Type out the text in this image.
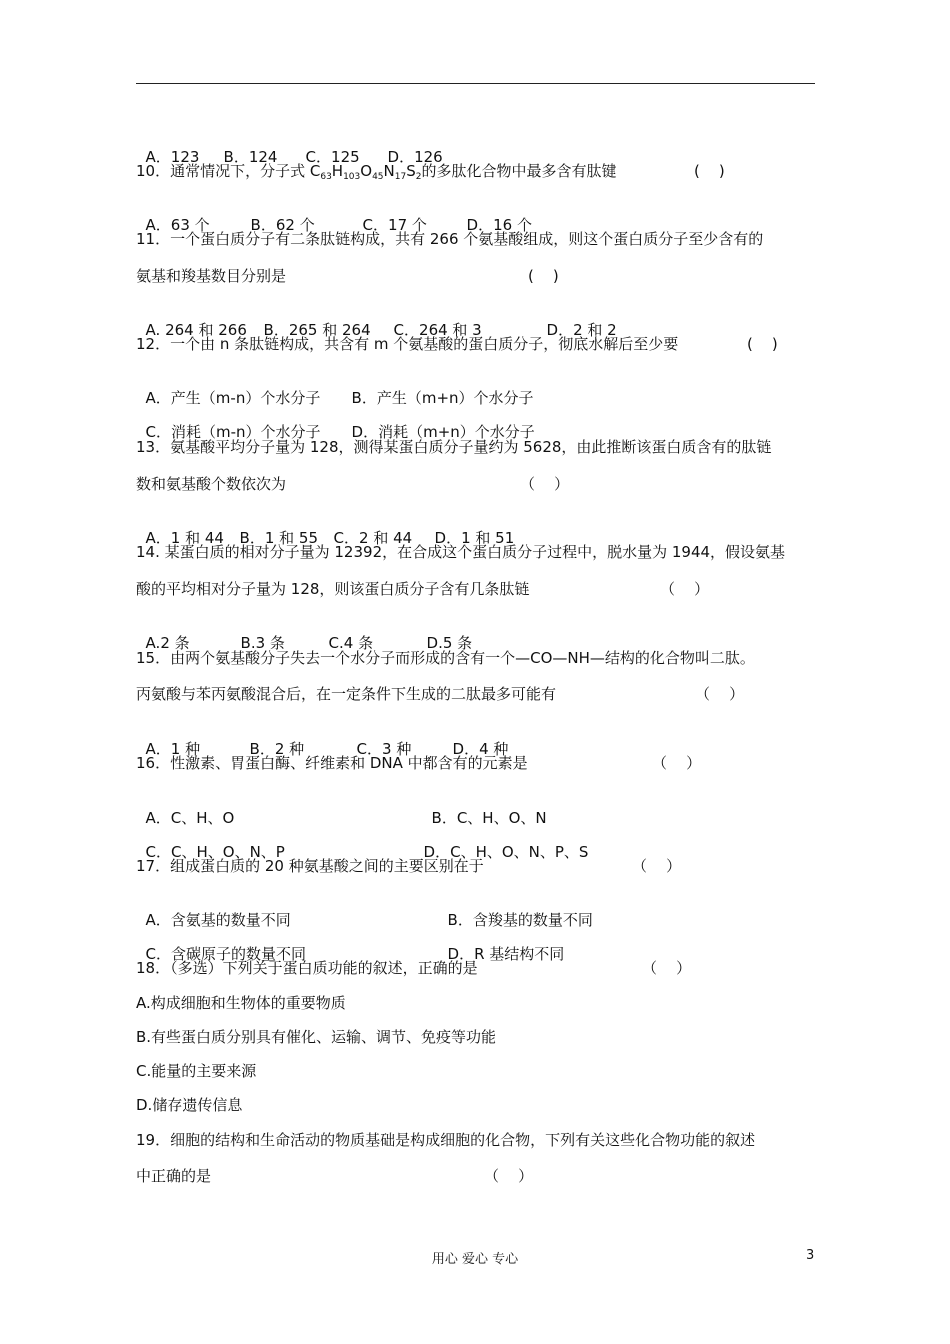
A．123 B．124 C．125 D．126

10．通常情况下，分子式 $C_{63}H_{103}O_{45}N_{17}S_2$的多肽化合物中最多含有肽键	(    )

A．63 个	B．62 个	C．17 个	D．16 个

11．一个蛋白质分子有二条肽链构成，共有 266 个氨基酸组成，则这个蛋白质分子至少含有的
氨基和羧基数目分别是	(    )

A. 264 和 266 B．265 和 264 C．264 和 3	D．2 和 2

12．一个由 n 条肽链构成，共含有 m 个氨基酸的蛋白质分子，彻底水解后至少要	(    )

A．产生（m-n）个水分子 B．产生（m+n）个水分子

C．消耗（m-n）个水分子 D．消耗（m+n）个水分子

13．氨基酸平均分子量为 128，测得某蛋白质分子量约为 5628，由此推断该蛋白质含有的肽链
数和氨基酸个数依次为	（    ）

A．1 和 44 B．1 和 55 C．2 和 44 D．1 和 51

14. 某蛋白质的相对分子量为 12392，在合成这个蛋白质分子过程中，脱水量为 1944，假设氨基
酸的平均相对分子量为 128，则该蛋白质分子含有几条肽链	（    ）

A.2 条	B.3 条	C.4 条	D.5 条

15．由两个氨基酸分子失去一个水分子而形成的含有一个—CO—NH—结构的化合物叫二肽。
丙氨酸与苯丙氨酸混合后，在一定条件下生成的二肽最多可能有	（    ）

A．1 种	B．2 种	C．3 种	D．4 种

16．性激素、胃蛋白酶、纤维素和 DNA 中都含有的元素是	（    ）

A．C、H、O	B．C、H、O、N

C．C、H、O、N、P	D．C、H、O、N、P、S

17．组成蛋白质的 20 种氨基酸之间的主要区别在于	（    ）

A．含氨基的数量不同	B．含羧基的数量不同

C．含碳原子的数量不同	D．R 基结构不同

18．（多选）下列关于蛋白质功能的叙述，正确的是	（    ）
A.构成细胞和生物体的重要物质
B.有些蛋白质分别具有催化、运输、调节、免疫等功能
C.能量的主要来源
D.储存遗传信息
19．细胞的结构和生命活动的物质基础是构成细胞的化合物，下列有关这些化合物功能的叙述
中正确的是	（    ）
用心 爱心 专心	3
